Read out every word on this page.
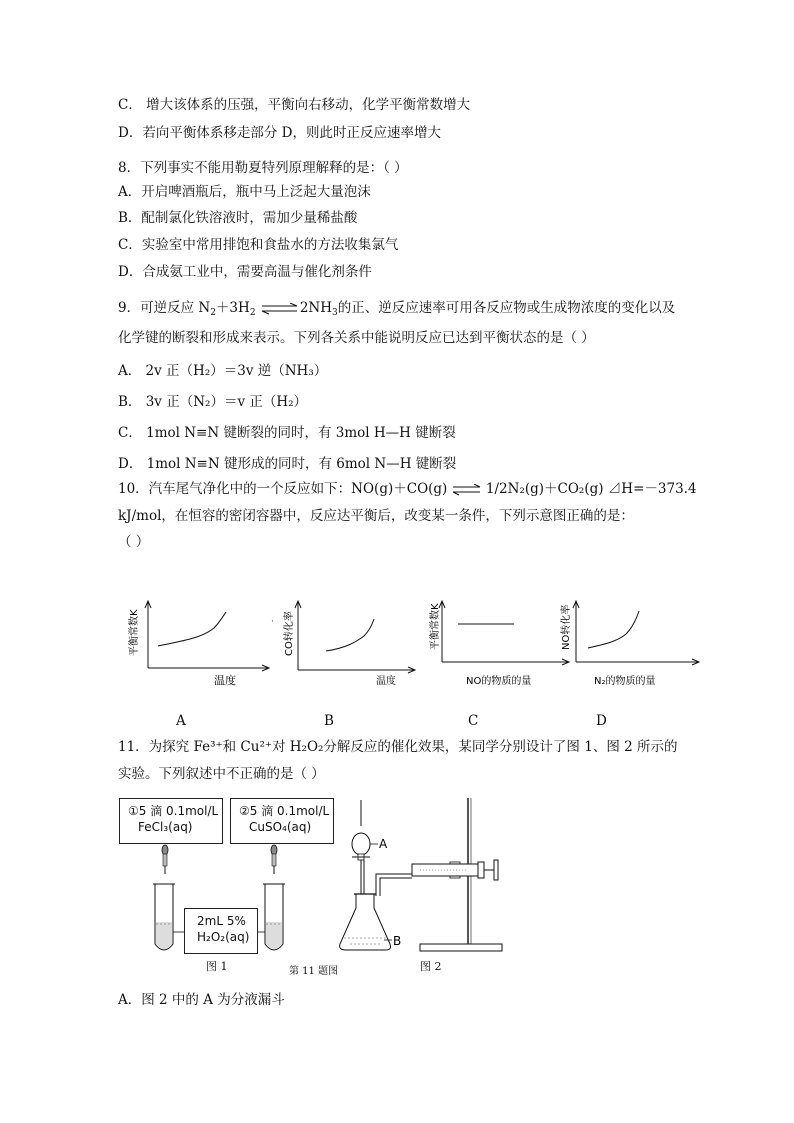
C． 增大该体系的压强，平衡向右移动，化学平衡常数增大
D．若向平衡体系移走部分 D，则此时正反应速率增大
8．下列事实不能用勒夏特列原理解释的是：（ ）
A．开启啤酒瓶后，瓶中马上泛起大量泡沫
B．配制氯化铁溶液时，需加少量稀盐酸
C．实验室中常用排饱和食盐水的方法收集氯气
D．合成氨工业中，需要高温与催化剂条件
9．可逆反应 $N_2+3H_2$ $\rightleftharpoons 2NH_3$的正、逆反应速率可用各反应物或生成物浓度的变化以及
化学键的断裂和形成来表示。下列各关系中能说明反应已达到平衡状态的是（ ）
A． 2v 正（H₂）＝3v 逆（NH₃）
B． 3v 正（N₂）＝v 正（H₂）
C． 1mol N≡N 键断裂的同时，有 3mol H—H 键断裂
D． 1mol N≡N 键形成的同时，有 6mol N—H 键断裂
10．汽车尾气净化中的一个反应如下：NO(g)＋CO(g) ⇌ 1/2N₂(g)＋CO₂(g) ⊿H=－373.4
kJ/mol，在恒容的密闭容器中，反应达平衡后，改变某一条件，下列示意图正确的是：
（ ）
平衡常数K
温度
· CO转化率
温度
平衡常数K
NO的物质的量
NO转化率
N₂的物质的量
A	B	C	D
11．为探究 Fe³⁺和 Cu²⁺对 H₂O₂分解反应的催化效果，某同学分别设计了图 1、图 2 所示的
实验。下列叙述中不正确的是（ ）
①5 滴 0.1mol/L
FeCl₃(aq)
②5 滴 0.1mol/L
CuSO₄(aq)
2mL 5%
H₂O₂(aq)
A
B
图 1	第 11 题图	图 2
A．图 2 中的 A 为分液漏斗
